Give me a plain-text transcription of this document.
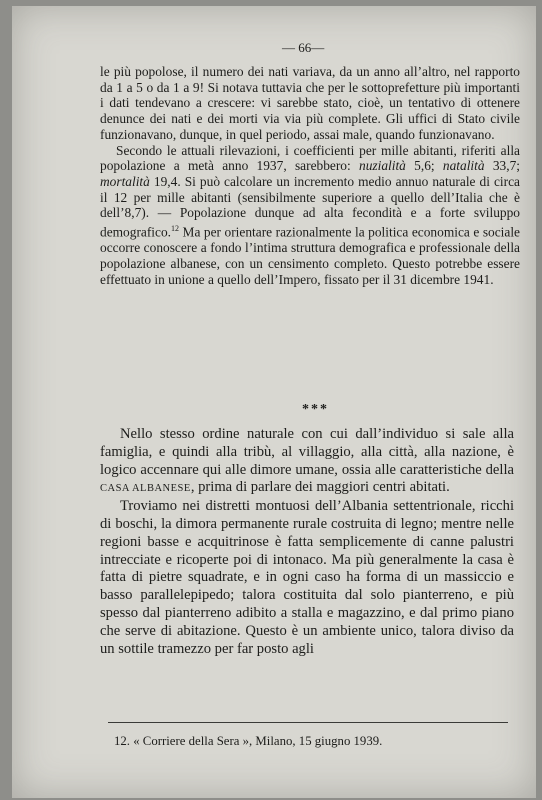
— 66—

le più popolose, il numero dei nati variava, da un anno all’altro, nel rapporto da 1 a 5 o da 1 a 9! Si notava tuttavia che per le sottoprefetture più importanti i dati tendevano a crescere: vi sarebbe stato, cioè, un tentativo di ottenere denunce dei nati e dei morti via via più complete. Gli uffici di Stato civile funzionavano, dunque, in quel periodo, assai male, quando funzionavano.

Secondo le attuali rilevazioni, i coefficienti per mille abitanti, riferiti alla popolazione a metà anno 1937, sarebbero: nuzialità 5,6; natalità 33,7; mortalità 19,4. Si può calcolare un incremento medio annuo naturale di circa il 12 per mille abitanti (sensibilmente superiore a quello dell’Italia che è dell’8,7). — Popolazione dunque ad alta fecondità e a forte sviluppo demografico.$^{12}$ Ma per orientare razionalmente la politica economica e sociale occorre conoscere a fondo l’intima struttura demografica e professionale della popolazione albanese, con un censimento completo. Questo potrebbe essere effettuato in unione a quello dell’Impero, fissato per il 31 dicembre 1941.

***

Nello stesso ordine naturale con cui dall’individuo si sale alla famiglia, e quindi alla tribù, al villaggio, alla città, alla nazione, è logico accennare qui alle dimore umane, ossia alle caratteristiche della CASA ALBANESE, prima di parlare dei maggiori centri abitati.

Troviamo nei distretti montuosi dell’Albania settentrionale, ricchi di boschi, la dimora permanente rurale costruita di legno; mentre nelle regioni basse e acquitrinose è fatta semplicemente di canne palustri intrecciate e ricoperte poi di intonaco. Ma più generalmente la casa è fatta di pietre squadrate, e in ogni caso ha forma di un massiccio e basso parallelepipedo; talora costituita dal solo pianterreno, e più spesso dal pianterreno adibito a stalla e magazzino, e dal primo piano che serve di abitazione. Questo è un ambiente unico, talora diviso da un sottile tramezzo per far posto agli

12. « Corriere della Sera », Milano, 15 giugno 1939.
